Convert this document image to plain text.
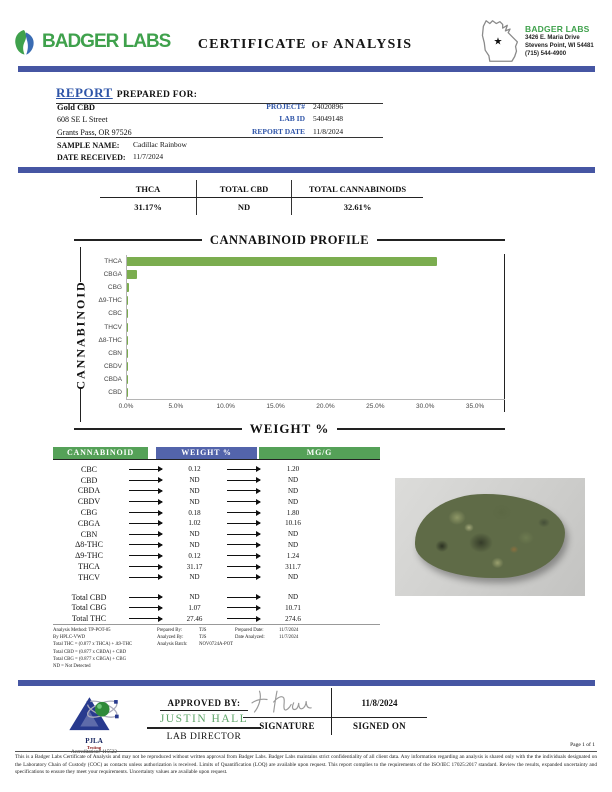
BADGER LABS	CERTIFICATE OF ANALYSIS	★
BADGER LABS
3426 E. Maria Drive
Stevens Point, WI 54481
(715) 544-4900
REPORT PREPARED FOR:
Gold CBD
608 SE L Street
Grants Pass, OR 97526
PROJECT# 24020896
LAB ID 54049148
REPORT DATE 11/8/2024
SAMPLE NAME:	Cadillac Rainbow
DATE RECEIVED: 11/7/2024
THCA	TOTAL CBD	TOTAL CANNABINOIDS
31.17%	ND	32.61%
CANNABINOID PROFILE
CANNABINOID
THCA
CBGA
CBG
Δ9-THC
CBC
THCV
Δ8-THC
CBN
CBDV
CBDA
CBD
0.0%	5.0%	10.0%	15.0%	20.0%	25.0%	30.0%	35.0%
WEIGHT %
CANNABINOID	WEIGHT %	MG/G
CBC	0.12	1.20
CBD	ND	ND
CBDA	ND	ND
CBDV	ND	ND
CBG	0.18	1.80
CBGA	1.02	10.16
CBN	ND	ND
Δ8-THC	ND	ND
Δ9-THC	0.12	1.24
THCA	31.17	311.7
THCV	ND	ND
Total CBD	ND	ND
Total CBG	1.07	10.71
Total THC	27.46	274.6
Analysis Method: TP-POT-05
By HPLC-VWD
Total THC = (0.877 x THCA) + Δ9-THC
Total CBD = (0.877 x CBDA) + CBD
Total CBG = (0.877 x CBGA) + CBG
ND = Not Detected
Prepared By:	TJS	Prepared Date:	11/7/2024
Analyzed By:	TJS	Date Analyzed:	11/7/2024
Analysis Batch:	NOV0724A-POT
PJLA
Testing
Accreditation# 115522
APPROVED BY:
JUSTIN HALL
LAB DIRECTOR
11/8/2024
SIGNATURE	SIGNED ON
Page 1 of 1
This is a Badger Labs Certificate of Analysis and may not be reproduced without written approval from Badger Labs. Badger Labs maintains strict confidentiality of all client data. Any information regarding an analysis is shared only with the the individuals designated on the Laboratory Chain of Custody (COC) as contacts unless authorization is received. Limits of Quantification (LOQ) are available upon request. This report complies to the requirements of the ISO/IEC 17025:2017 standard. Review the results, expanded uncertainty and specifications to ensure they meet your requirements. Uncertainty values are available upon request.
